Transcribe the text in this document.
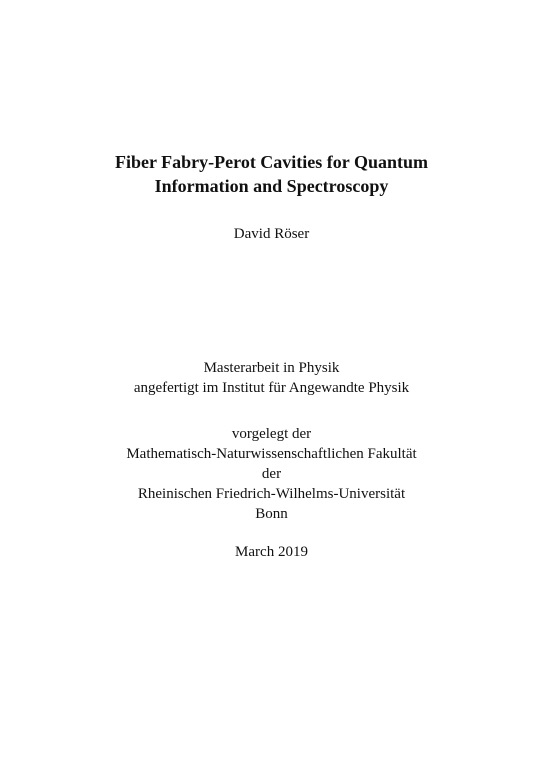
Fiber Fabry-Perot Cavities for Quantum
Information and Spectroscopy
David Röser
Masterarbeit in Physik
angefertigt im Institut für Angewandte Physik
vorgelegt der
Mathematisch-Naturwissenschaftlichen Fakultät
der
Rheinischen Friedrich-Wilhelms-Universität
Bonn
March 2019
